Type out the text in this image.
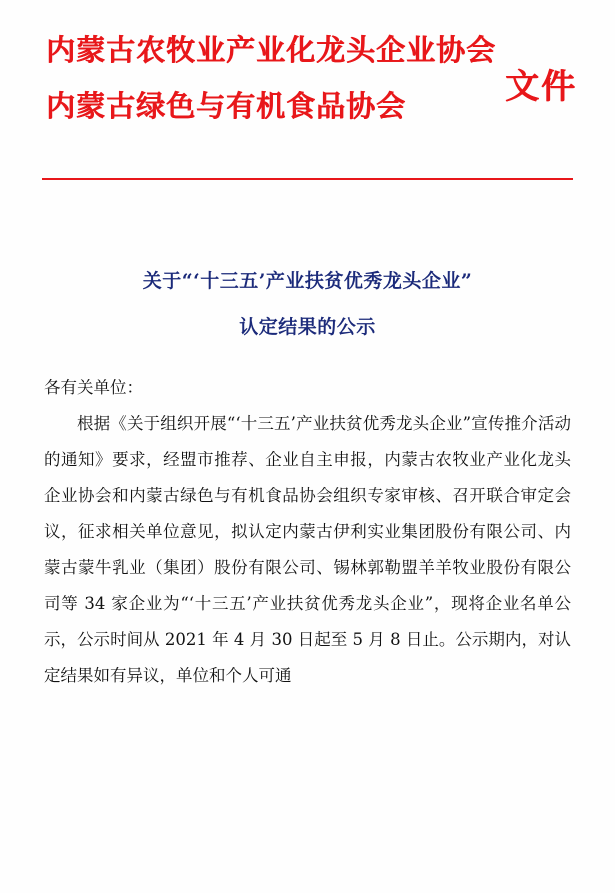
内蒙古农牧业产业化龙头企业协会
内蒙古绿色与有机食品协会	文件
关于“‘十三五’产业扶贫优秀龙头企业”
认定结果的公示

各有关单位：

根据《关于组织开展“‘十三五’产业扶贫优秀龙头企业”宣传推介活动的通知》要求，经盟市推荐、企业自主申报，内蒙古农牧业产业化龙头企业协会和内蒙古绿色与有机食品协会组织专家审核、召开联合审定会议，征求相关单位意见，拟认定内蒙古伊利实业集团股份有限公司、内蒙古蒙牛乳业（集团）股份有限公司、锡林郭勒盟羊羊牧业股份有限公司等 34 家企业为“‘十三五’产业扶贫优秀龙头企业”，现将企业名单公示，公示时间从 2021 年 4 月 30 日起至 5 月 8 日止。公示期内，对认定结果如有异议，单位和个人可通
